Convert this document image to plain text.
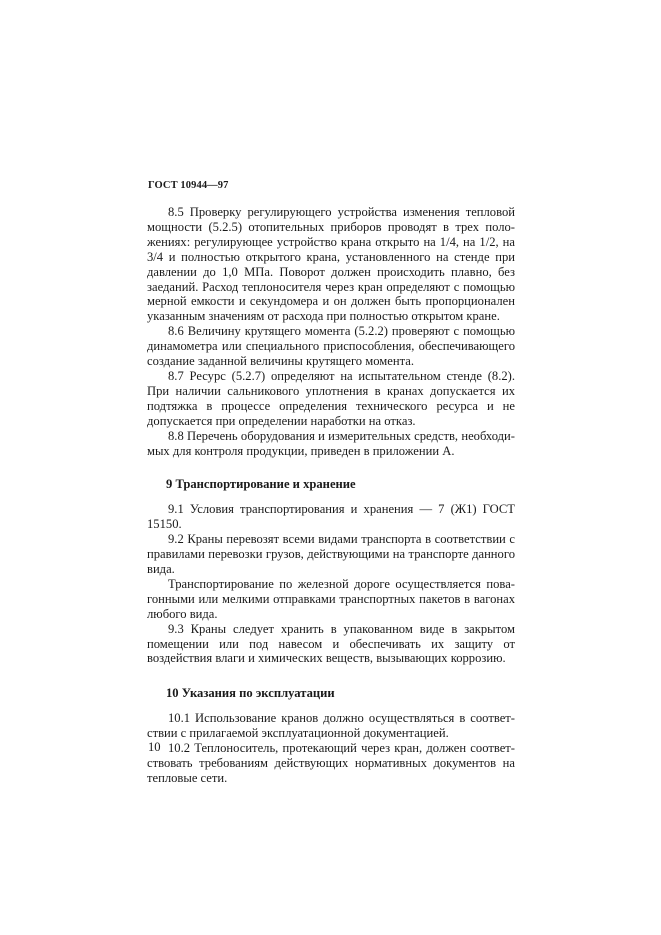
ГОСТ 10944—97

8.5 Проверку регулирующего устройства изменения тепловой мощности (5.2.5) отопительных приборов проводят в трех положениях: регулирующее устройство крана открыто на 1/4, на 1/2, на 3/4 и полностью открытого крана, установленного на стенде при давлении до 1,0 МПа. Поворот должен происходить плавно, без заеданий. Расход теплоносителя через кран определяют с помощью мерной емкости и секундомера и он должен быть пропорционален указанным значениям от расхода при полностью открытом кране.

8.6 Величину крутящего момента (5.2.2) проверяют с помощью динамометра или специального приспособления, обеспечивающего создание заданной величины крутящего момента.

8.7 Ресурс (5.2.7) определяют на испытательном стенде (8.2). При наличии сальникового уплотнения в кранах допускается их подтяжка в процессе определения технического ресурса и не допускается при определении наработки на отказ.

8.8 Перечень оборудования и измерительных средств, необходимых для контроля продукции, приведен в приложении А.

9 Транспортирование и хранение

9.1 Условия транспортирования и хранения — 7 (Ж1) ГОСТ 15150.

9.2 Краны перевозят всеми видами транспорта в соответствии с правилами перевозки грузов, действующими на транспорте данного вида.

Транспортирование по железной дороге осуществляется повагонными или мелкими отправками транспортных пакетов в вагонах любого вида.

9.3 Краны следует хранить в упакованном виде в закрытом помещении или под навесом и обеспечивать их защиту от воздействия влаги и химических веществ, вызывающих коррозию.

10 Указания по эксплуатации

10.1 Использование кранов должно осуществляться в соответствии с прилагаемой эксплуатационной документацией.

10.2 Теплоноситель, протекающий через кран, должен соответствовать требованиям действующих нормативных документов на тепловые сети.

10
